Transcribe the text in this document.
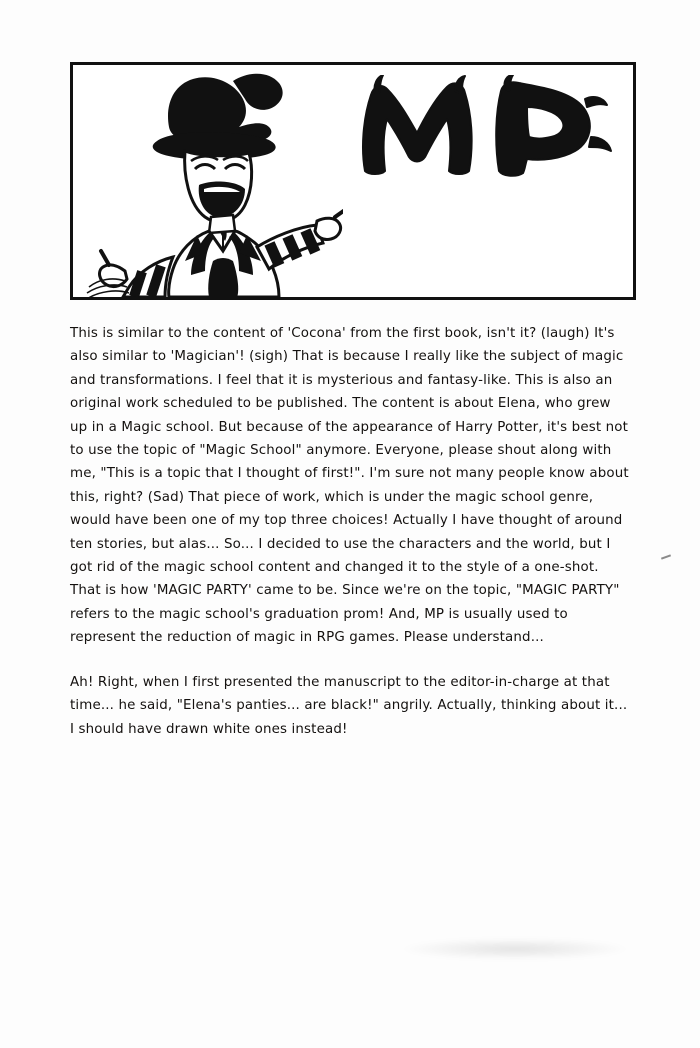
This is similar to the content of 'Cocona' from the first book, isn't it? (laugh) It's also similar to 'Magician'! (sigh) That is because I really like the subject of magic and transformations. I feel that it is mysterious and fantasy-like. This is also an original work scheduled to be published. The content is about Elena, who grew up in a Magic school. But because of the appearance of Harry Potter, it's best not to use the topic of "Magic School" anymore. Everyone, please shout along with me, "This is a topic that I thought of first!". I'm sure not many people know about this, right? (Sad) That piece of work, which is under the magic school genre, would have been one of my top three choices! Actually I have thought of around ten stories, but alas... So... I decided to use the characters and the world, but I got rid of the magic school content and changed it to the style of a one-shot. That is how 'MAGIC PARTY' came to be. Since we're on the topic, "MAGIC PARTY" refers to the magic school's graduation prom! And, MP is usually used to represent the reduction of magic in RPG games. Please understand...

Ah! Right, when I first presented the manuscript to the editor-in-charge at that time... he said, "Elena's panties... are black!" angrily. Actually, thinking about it... I should have drawn white ones instead!
